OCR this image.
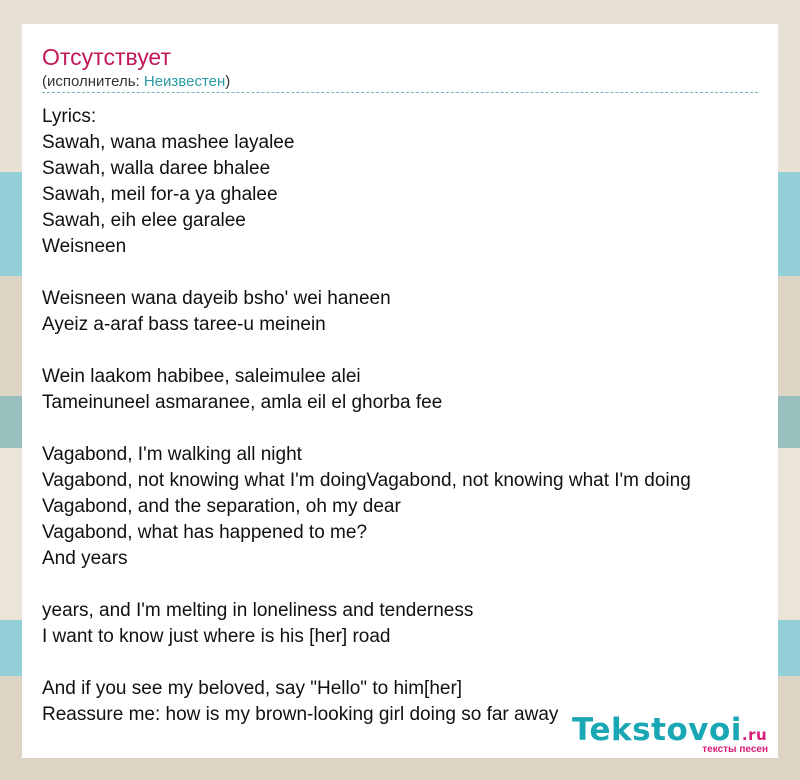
Отсутствует
(исполнитель: Неизвестен)
Lyrics:
Sawah, wana mashee layalee
Sawah, walla daree bhalee
Sawah, meil for-a ya ghalee
Sawah, eih elee garalee
Weisneen
Weisneen wana dayeib bsho' wei haneen
Ayeiz a-araf bass taree-u meinein
Wein laakom habibee, saleimulee alei
Tameinuneel asmaranee, amla eil el ghorba fee
Vagabond, I'm walking all night
Vagabond, not knowing what I'm doingVagabond, not knowing what I'm doing
Vagabond, and the separation, oh my dear
Vagabond, what has happened to me?
And years
years, and I'm melting in loneliness and tenderness
I want to know just where is his [her] road
And if you see my beloved, say "Hello" to him[her]
Reassure me: how is my brown-looking girl doing so far away Tekstovoi.ru
тексты песен
